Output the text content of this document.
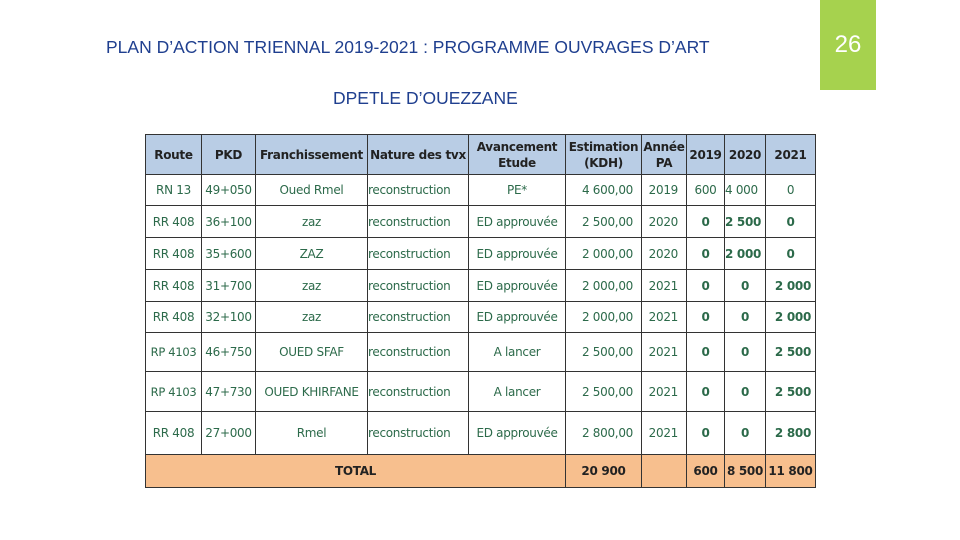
PLAN D’ACTION TRIENNAL 2019-2021 : PROGRAMME OUVRAGES D’ART
DPETLE D’OUEZZANE
26
Route	PKD	Franchissement	Nature des tvx	Avancement Etude	Estimation (KDH)	Année PA	2019	2020	2021
RN 13	49+050	Oued Rmel	reconstruction	PE*	4 600,00	2019	600	4 000	0
RR 408	36+100	zaz	reconstruction	ED approuvée	2 500,00	2020	0	2 500	0
RR 408	35+600	ZAZ	reconstruction	ED approuvée	2 000,00	2020	0	2 000	0
RR 408	31+700	zaz	reconstruction	ED approuvée	2 000,00	2021	0	0	2 000
RR 408	32+100	zaz	reconstruction	ED approuvée	2 000,00	2021	0	0	2 000
RP 4103	46+750	OUED SFAF	reconstruction	A lancer	2 500,00	2021	0	0	2 500
RP 4103	47+730	OUED KHIRFANE	reconstruction	A lancer	2 500,00	2021	0	0	2 500
RR 408	27+000	Rmel	reconstruction	ED approuvée	2 800,00	2021	0	0	2 800
TOTAL					20 900		600	8 500	11 800
